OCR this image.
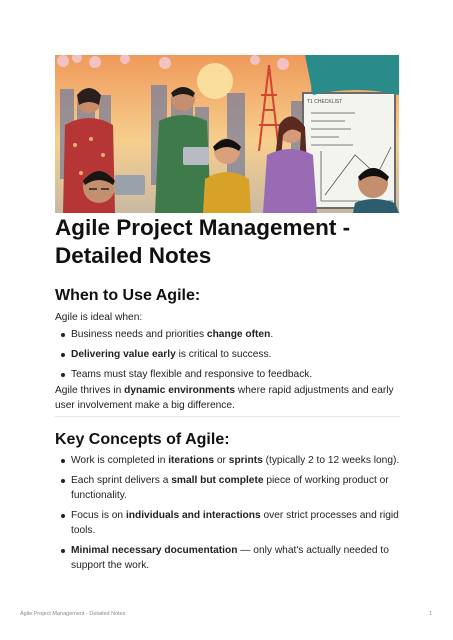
T1 CHECKLIST
Agile Project Management - Detailed Notes
When to Use Agile:

Agile is ideal when:

Business needs and priorities change often.
Delivering value early is critical to success.
Teams must stay flexible and responsive to feedback.

Agile thrives in dynamic environments where rapid adjustments and early user involvement make a big difference.

Key Concepts of Agile:
Work is completed in iterations or sprints (typically 2 to 12 weeks long).
Each sprint delivers a small but complete piece of working product or functionality.
Focus is on individuals and interactions over strict processes and rigid tools.
Minimal necessary documentation — only what's actually needed to support the work.
Agile Project Management - Detailed Notes	1
